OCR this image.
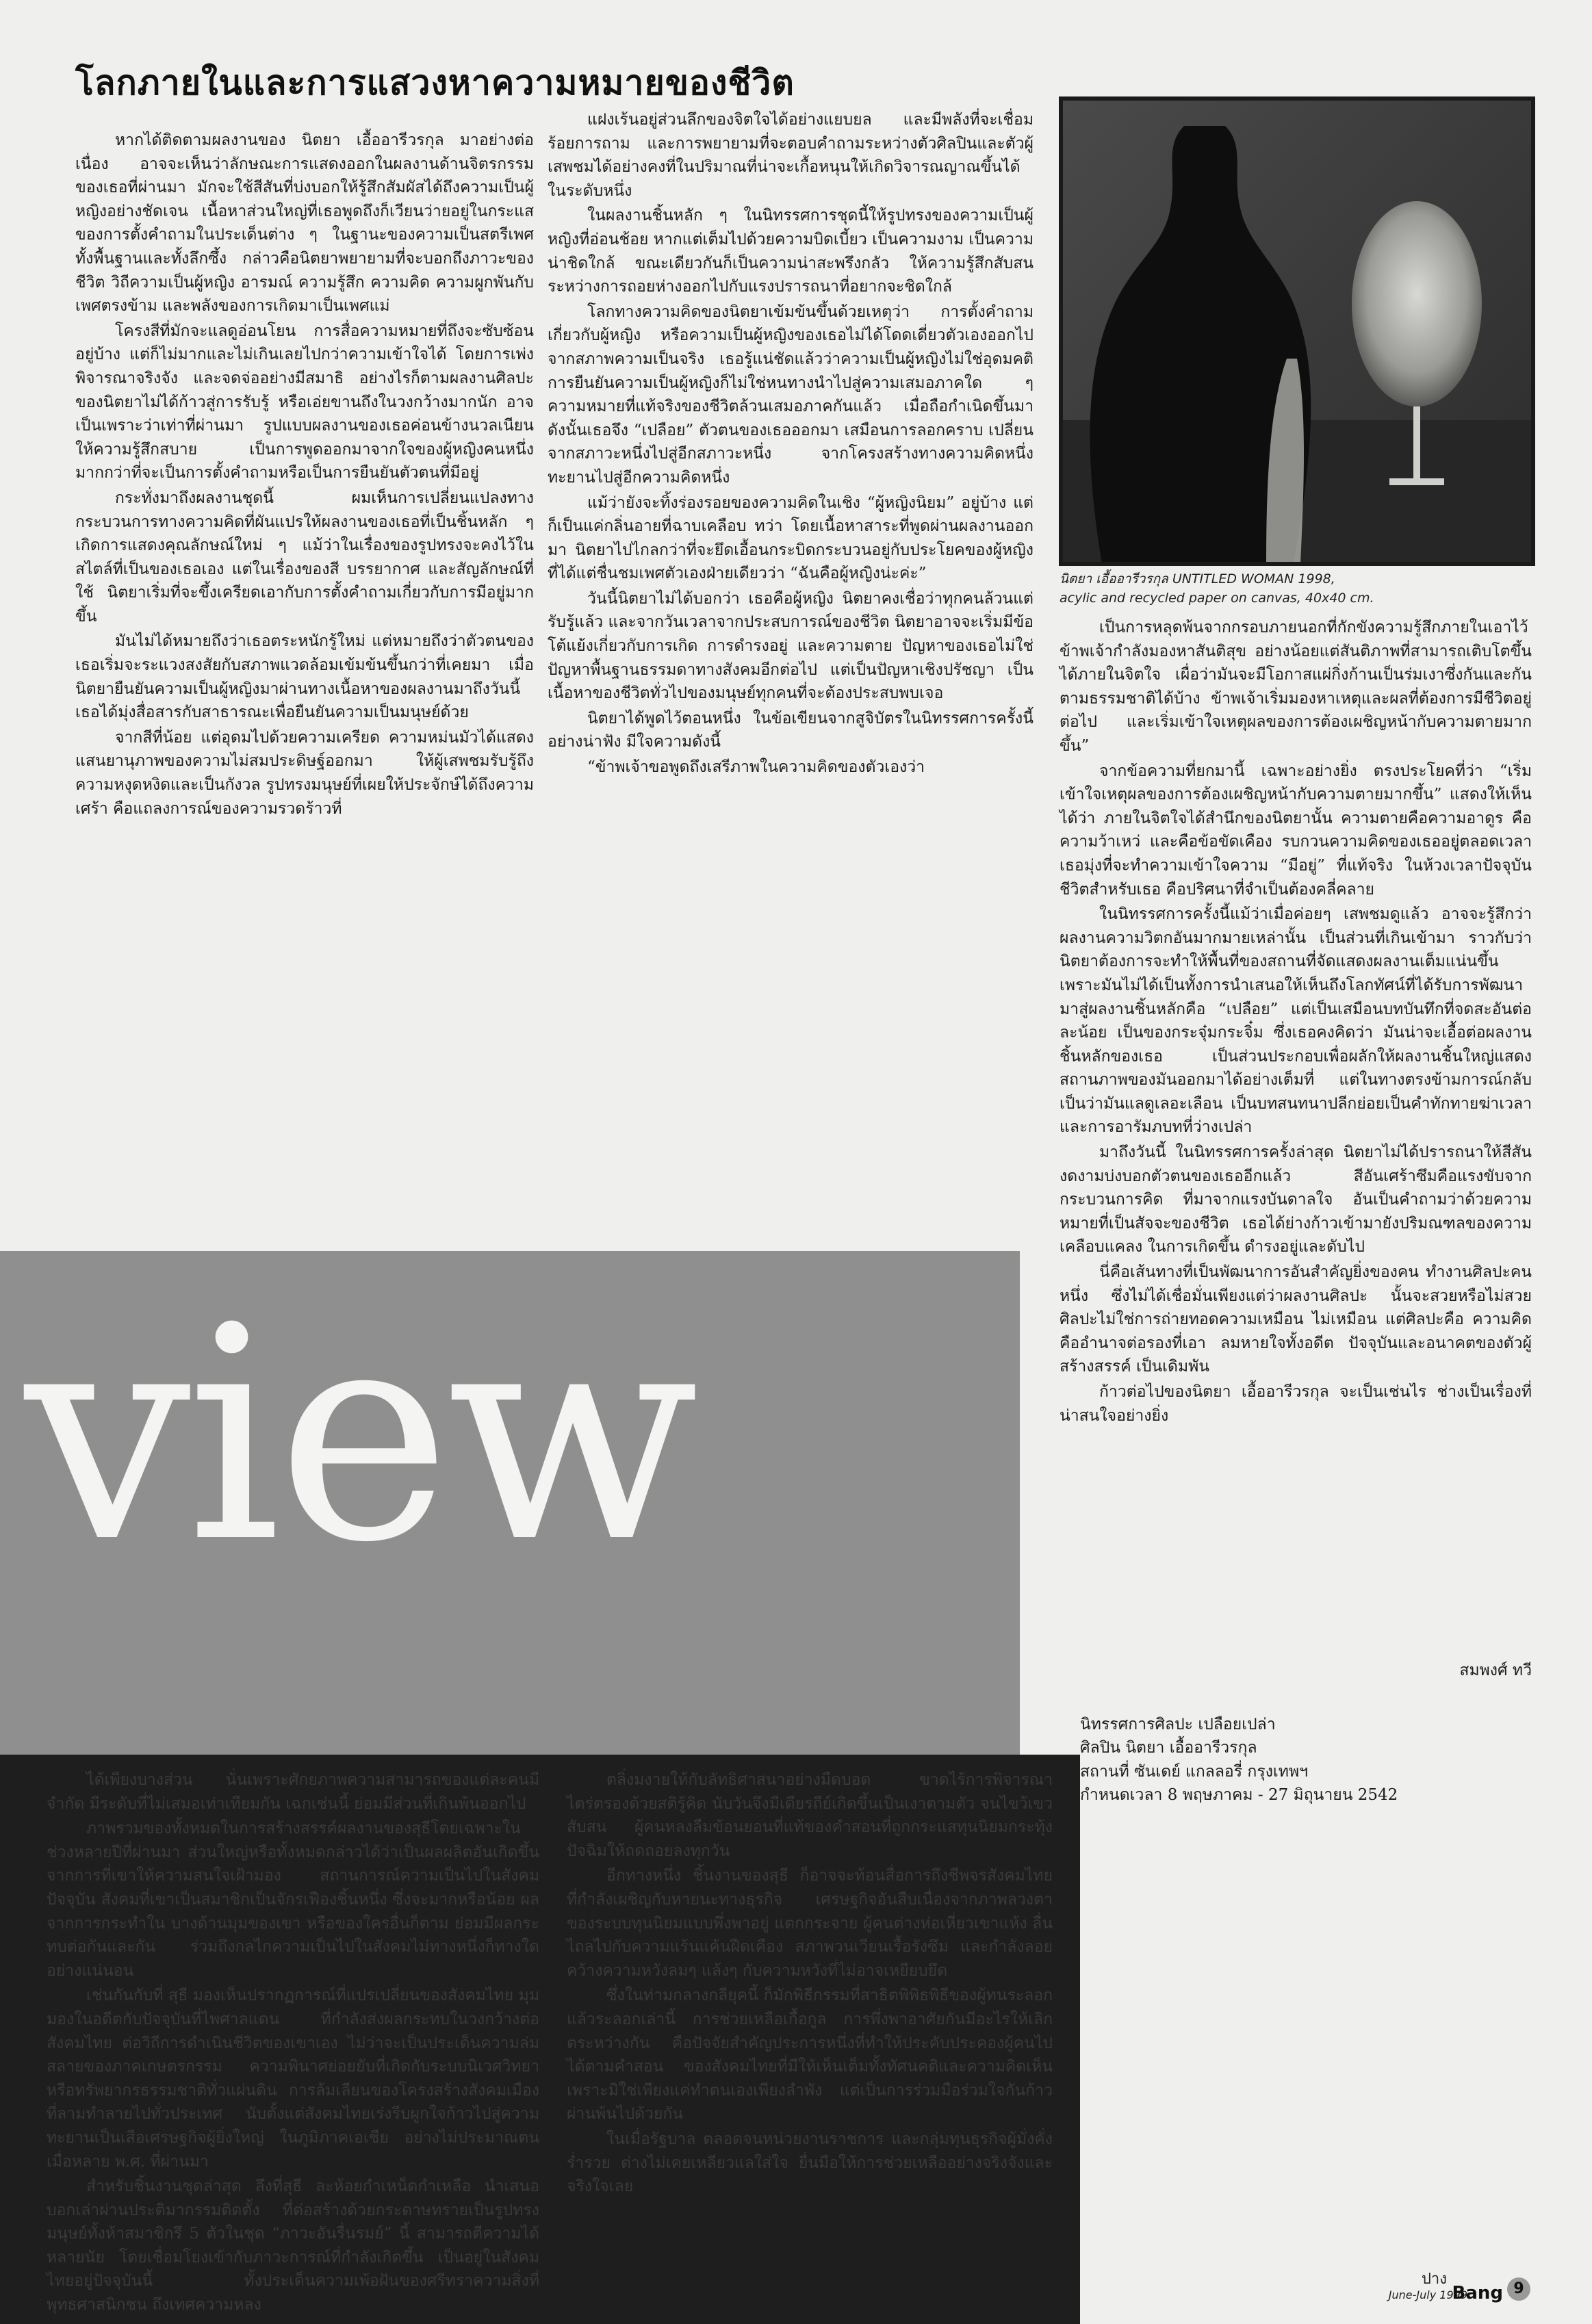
โลกภายในและการแสวงหาความหมายของชีวิต

หากได้ติดตามผลงานของ นิตยา เอื้ออารีวรกุล มาอย่างต่อเนื่อง อาจจะเห็นว่าลักษณะการแสดงออกในผลงานด้านจิตรกรรมของเธอที่ผ่านมา มักจะใช้สีสันที่บ่งบอกให้รู้สึกสัมผัสได้ถึงความเป็นผู้หญิงอย่างชัดเจน เนื้อหาส่วนใหญ่ที่เธอพูดถึงก็เวียนว่ายอยู่ในกระแสของการตั้งคำถามในประเด็นต่าง ๆ ในฐานะของความเป็นสตรีเพศ ทั้งพื้นฐานและทั้งลึกซึ้ง กล่าวคือนิตยาพยายามที่จะบอกถึงภาวะของชีวิต วิถีความเป็นผู้หญิง อารมณ์ ความรู้สึก ความคิด ความผูกพันกับเพศตรงข้าม และพลังของการเกิดมาเป็นเพศแม่

โครงสีที่มักจะแลดูอ่อนโยน การสื่อความหมายที่ถึงจะซับซ้อนอยู่บ้าง แต่ก็ไม่มากและไม่เกินเลยไปกว่าความเข้าใจได้ โดยการเพ่งพิจารณาจริงจัง และจดจ่ออย่างมีสมาธิ อย่างไรก็ตามผลงานศิลปะของนิตยาไม่ได้ก้าวสู่การรับรู้ หรือเอ่ยขานถึงในวงกว้างมากนัก อาจเป็นเพราะว่าเท่าที่ผ่านมา รูปแบบผลงานของเธอค่อนข้างนวลเนียน ให้ความรู้สึกสบาย เป็นการพูดออกมาจากใจของผู้หญิงคนหนึ่ง มากกว่าที่จะเป็นการตั้งคำถามหรือเป็นการยืนยันตัวตนที่มีอยู่

กระทั่งมาถึงผลงานชุดนี้ ผมเห็นการเปลี่ยนแปลงทางกระบวนการทางความคิดที่ผันแปรให้ผลงานของเธอที่เป็นชิ้นหลัก ๆ เกิดการแสดงคุณลักษณ์ใหม่ ๆ แม้ว่าในเรื่องของรูปทรงจะคงไว้ในสไตล์ที่เป็นของเธอเอง แต่ในเรื่องของสี บรรยากาศ และสัญลักษณ์ที่ใช้ นิตยาเริ่มที่จะขึ้งเครียดเอากับการตั้งคำถามเกี่ยวกับการมีอยู่มากขึ้น

มันไม่ได้หมายถึงว่าเธอตระหนักรู้ใหม่ แต่หมายถึงว่าตัวตนของเธอเริ่มจะระแวงสงสัยกับสภาพแวดล้อมเข้มข้นขึ้นกว่าที่เคยมา เมื่อนิตยายืนยันความเป็นผู้หญิงมาผ่านทางเนื้อหาของผลงานมาถึงวันนี้ เธอได้มุ่งสื่อสารกับสาธารณะเพื่อยืนยันความเป็นมนุษย์ด้วย

จากสีที่น้อย แต่อุดมไปด้วยความเครียด ความหม่นมัวได้แสดงแสนยานุภาพของความไม่สมประดิษฐ์ออกมา ให้ผู้เสพชมรับรู้ถึงความหงุดหงิดและเป็นกังวล รูปทรงมนุษย์ที่เผยให้ประจักษ์ได้ถึงความเศร้า คือแถลงการณ์ของความรวดร้าวที่

แฝงเร้นอยู่ส่วนลึกของจิตใจได้อย่างแยบยล และมีพลังที่จะเชื่อมร้อยการถาม และการพยายามที่จะตอบคำถามระหว่างตัวศิลปินและตัวผู้เสพชมได้อย่างคงที่ในปริมาณที่น่าจะเกื้อหนุนให้เกิดวิจารณญาณขึ้นได้ในระดับหนึ่ง

ในผลงานชิ้นหลัก ๆ ในนิทรรศการชุดนี้ให้รูปทรงของความเป็นผู้หญิงที่อ่อนช้อย หากแต่เต็มไปด้วยความบิดเบี้ยว เป็นความงาม เป็นความน่าชิดใกล้ ขณะเดียวกันก็เป็นความน่าสะพรึงกลัว ให้ความรู้สึกสับสนระหว่างการถอยห่างออกไปกับแรงปรารถนาที่อยากจะชิดใกล้

โลกทางความคิดของนิตยาเข้มข้นขึ้นด้วยเหตุว่า การตั้งคำถามเกี่ยวกับผู้หญิง หรือความเป็นผู้หญิงของเธอไม่ได้โดดเดี่ยวตัวเองออกไปจากสภาพความเป็นจริง เธอรู้แน่ชัดแล้วว่าความเป็นผู้หญิงไม่ใช่อุดมคติ การยืนยันความเป็นผู้หญิงก็ไม่ใช่หนทางนำไปสู่ความเสมอภาคใด ๆ ความหมายที่แท้จริงของชีวิตล้วนเสมอภาคกันแล้ว เมื่อถือกำเนิดขึ้นมา ดังนั้นเธอจึง “เปลือย” ตัวตนของเธอออกมา เสมือนการลอกคราบ เปลี่ยนจากสภาวะหนึ่งไปสู่อีกสภาวะหนึ่ง จากโครงสร้างทางความคิดหนึ่ง ทะยานไปสู่อีกความคิดหนึ่ง

แม้ว่ายังจะทิ้งร่องรอยของความคิดในเชิง “ผู้หญิงนิยม” อยู่บ้าง แต่ก็เป็นแค่กลิ่นอายที่ฉาบเคลือบ ทว่า โดยเนื้อหาสาระที่พูดผ่านผลงานออกมา นิตยาไปไกลกว่าที่จะยึดเอื้อนกระบิดกระบวนอยู่กับประโยคของผู้หญิงที่ได้แต่ชื่นชมเพศตัวเองฝ่ายเดียวว่า “ฉันคือผู้หญิงน่ะค่ะ”

วันนี้นิตยาไม่ได้บอกว่า เธอคือผู้หญิง นิตยาคงเชื่อว่าทุกคนล้วนแต่รับรู้แล้ว และจากวันเวลาจากประสบการณ์ของชีวิต นิตยาอาจจะเริ่มมีข้อโต้แย้งเกี่ยวกับการเกิด การดำรงอยู่ และความตาย ปัญหาของเธอไม่ใช่ปัญหาพื้นฐานธรรมดาทางสังคมอีกต่อไป แต่เป็นปัญหาเชิงปรัชญา เป็นเนื้อหาของชีวิตทั่วไปของมนุษย์ทุกคนที่จะต้องประสบพบเจอ

นิตยาได้พูดไว้ตอนหนึ่ง ในข้อเขียนจากสูจิบัตรในนิทรรศการครั้งนี้อย่างน่าฟัง มีใจความดังนี้

“ข้าพเจ้าขอพูดถึงเสรีภาพในความคิดของตัวเองว่า

นิตยา เอื้ออารีวรกุล UNTITLED WOMAN 1998,
acylic and recycled paper on canvas, 40x40 cm.

เป็นการหลุดพ้นจากกรอบภายนอกที่กักขังความรู้สึกภายในเอาไว้ ข้าพเจ้ากำลังมองหาสันติสุข อย่างน้อยแต่สันติภาพที่สามารถเติบโตขึ้นได้ภายในจิตใจ เผื่อว่ามันจะมีโอกาสแผ่กิ่งก้านเป็นร่มเงาซึ่งกันและกันตามธรรมชาติได้บ้าง ข้าพเจ้าเริ่มมองหาเหตุและผลที่ต้องการมีชีวิตอยู่ต่อไป และเริ่มเข้าใจเหตุผลของการต้องเผชิญหน้ากับความตายมากขึ้น”

จากข้อความที่ยกมานี้ เฉพาะอย่างยิ่ง ตรงประโยคที่ว่า “เริ่มเข้าใจเหตุผลของการต้องเผชิญหน้ากับความตายมากขึ้น” แสดงให้เห็นได้ว่า ภายในจิตใจได้สำนึกของนิตยานั้น ความตายคือความอาดูร คือความว้าเหว่ และคือข้อขัดเคือง รบกวนความคิดของเธออยู่ตลอดเวลา เธอมุ่งที่จะทำความเข้าใจความ “มีอยู่” ที่แท้จริง ในห้วงเวลาปัจจุบันชีวิตสำหรับเธอ คือปริศนาที่จำเป็นต้องคลี่คลาย

ในนิทรรศการครั้งนี้แม้ว่าเมื่อค่อยๆ เสพชมดูแล้ว อาจจะรู้สึกว่า ผลงานความวิตกอันมากมายเหล่านั้น เป็นส่วนที่เกินเข้ามา ราวกับว่านิตยาต้องการจะทำให้พื้นที่ของสถานที่จัดแสดงผลงานเต็มแน่นขึ้น เพราะมันไม่ได้เป็นทั้งการนำเสนอให้เห็นถึงโลกทัศน์ที่ได้รับการพัฒนามาสู่ผลงานชิ้นหลักคือ “เปลือย” แต่เป็นเสมือนบทบันทึกที่จดสะอันต่อละน้อย เป็นของกระจุ๋มกระจิ๋ม ซึ่งเธอคงคิดว่า มันน่าจะเอื้อต่อผลงานชิ้นหลักของเธอ เป็นส่วนประกอบเพื่อผลักให้ผลงานชิ้นใหญ่แสดงสถานภาพของมันออกมาได้อย่างเต็มที่ แต่ในทางตรงข้ามการณ์กลับเป็นว่ามันแลดูเลอะเลือน เป็นบทสนทนาปลีกย่อยเป็นคำทักทายฆ่าเวลา และการอารัมภบทที่ว่างเปล่า

มาถึงวันนี้ ในนิทรรศการครั้งล่าสุด นิตยาไม่ได้ปรารถนาให้สีสันงดงามบ่งบอกตัวตนของเธออีกแล้ว สีอันเศร้าซึมคือแรงขับจากกระบวนการคิด ที่มาจากแรงบันดาลใจ อันเป็นคำถามว่าด้วยความหมายที่เป็นสัจจะของชีวิต เธอได้ย่างก้าวเข้ามายังปริมณฑลของความเคลือบแคลง ในการเกิดขึ้น ดำรงอยู่และดับไป

นี่คือเส้นทางที่เป็นพัฒนาการอันสำคัญยิ่งของคน ทำงานศิลปะคนหนึ่ง ซึ่งไม่ได้เชื่อมั่นเพียงแต่ว่าผลงานศิลปะ นั้นจะสวยหรือไม่สวย ศิลปะไม่ใช่การถ่ายทอดความเหมือน ไม่เหมือน แต่ศิลปะคือ ความคิด คืออำนาจต่อรองที่เอา ลมหายใจทั้งอดีต ปัจจุบันและอนาคตของตัวผู้สร้างสรรค์ เป็นเดิมพัน

ก้าวต่อไปของนิตยา เอื้ออารีวรกุล จะเป็นเช่นไร ช่างเป็นเรื่องที่น่าสนใจอย่างยิ่ง

สมพงศ์ ทวี
นิทรรศการศิลปะ เปลือยเปล่า
ศิลปิน นิตยา เอื้ออารีวรกุล
สถานที่ ซันเดย์ แกลลอรี่ กรุงเทพฯ
กำหนดเวลา 8 พฤษภาคม - 27 มิถุนายน 2542
view

ได้เพียงบางส่วน นั่นเพราะศักยภาพความสามารถของแต่ละคนมีจำกัด มีระดับที่ไม่เสมอเท่าเทียมกัน เฉกเช่นนี้ ย่อมมีส่วนที่เกินพ้นออกไป

ภาพรวมของทั้งหมดในการสร้างสรรค์ผลงานของสุธีโดยเฉพาะในช่วงหลายปีที่ผ่านมา ส่วนใหญ่หรือทั้งหมดกล่าวได้ว่าเป็นผลผลิตอันเกิดขึ้นจากการที่เขาให้ความสนใจเฝ้ามอง สถานการณ์ความเป็นไปในสังคมปัจจุบัน สังคมที่เขาเป็นสมาชิกเป็นจักรเฟืองชิ้นหนึ่ง ซึ่งจะมากหรือน้อย ผลจากการกระทำใน บางด้านมุมของเขา หรือของใครอื่นก็ตาม ย่อมมีผลกระทบต่อกันและกัน ร่วมถึงกลไกความเป็นไปในสังคมไม่ทางหนึ่งก็ทางใด อย่างแน่นอน

เช่นกันกับที่ สุธี มองเห็นปรากฏการณ์ที่แปรเปลี่ยนของสังคมไทย มุมมองในอดีตกับปัจจุบันที่ไพศาลแดน ที่กำลังส่งผลกระทบในวงกว้างต่อสังคมไทย ต่อวิถีการดำเนินชีวิตของเขาเอง ไม่ว่าจะเป็นประเด็นความล่มสลายของภาคเกษตรกรรม ความพินาศย่อยยับที่เกิดกับระบบนิเวศวิทยา หรือทรัพยากรธรรมชาติทั่วแผ่นดิน การล้มเลียนของโครงสร้างสังคมเมือง ที่ลามทำลายไปทั่วประเทศ นับตั้งแต่สังคมไทยเร่งรีบผูกใจก้าวไปสู่ความทะยานเป็นเสือเศรษฐกิจผู้ยิ่งใหญ่ ในภูมิภาคเอเชีย อย่างไม่ประมาณตนเมื่อหลาย พ.ศ. ที่ผ่านมา

สำหรับชิ้นงานชุดล่าสุด ลึงที่สุธี ละห้อยกำเหน็ดกำเหลือ นำเสนอบอกเล่าผ่านประติมากรรมติดตั้ง ที่ต่อสร้างด้วยกระดาษทรายเป็นรูปทรงมนุษย์ทั้งห้าสมาชิกรึ 5 ตัวในชุด “ภาวะอันรื่นรมย์” นี้ สามารถตีความได้หลายนัย โดยเชื่อมโยงเข้ากับภาวะการณ์ที่กำลังเกิดขึ้น เป็นอยู่ในสังคมไทยอยู่ปัจจุบันนี้ ทั้งประเด็นความเพ้อฝันของศรีทราความสิ่งที่พุทธศาสนิกชน ถึงเทศความหลง

ตลิ่งมงายให้กับลัทธิศาสนาอย่างมืดบอด ขาดไร้การพิจารณาไตร่ตรองด้วยสติรู้คิด นับวันจึงมีเดียรถีย์เกิดขึ้นเป็นเงาตามตัว จนไขว้เขวสับสน ผู้คนหลงลืมข้อนยอนที่แท้ของคำสอนที่ถูกกระแสทุนนิยมกระทุ้งปัจฉิมให้ถดถอยลงทุกวัน

อีกทางหนึ่ง ชิ้นงานของสุธี ก็อาจจะท้อนสื่อการถึงชีพจรสังคมไทย ที่กำลังเผชิญกับหายนะทางธุรกิจ เศรษฐกิจอันสืบเนื่องจากภาพลวงตา ของระบบทุนนิยมแบบพึ่งพาอยู่ แตกกระจาย ผู้คนต่างห่อเหี่ยวเขาแห้ง ลื่นไถลไปกับความแร้นแค้นฝืดเคือง สภาพวนเวียนเรื้อรังซึม และกำลังลอยคว้างความหวังลมๆ แล้งๆ กับความหวังที่ไม่อาจเหยียบยึด

ซึ่งในท่ามกลางกลียุคนี้ ก็มักพิธีกรรมที่สาธิตพิพิธพิธีของผู้ทนระลอกแล้วระลอกเล่านี้ การช่วยเหลือเกื้อกูล การพึ่งพาอาศัยกันมีอะไรให้เลิกตระหว่างกัน คือปัจจัยสำคัญประการหนึ่งที่ทำให้ประคับประคองผู้คนไปได้ตามคำสอน ของสังคมไทยที่มีให้เห็นเต็มทั้งทัศนคติและความคิดเห็น เพราะมิใช่เพียงแค่ทำตนเองเพียงลำพัง แต่เป็นการร่วมมือร่วมใจกันก้าวผ่านพ้นไปด้วยกัน

ในเมื่อรัฐบาล ตลอดจนหน่วยงานราชการ และกลุ่มทุนธุรกิจผู้มั่งคั่งร่ำรวย ต่างไม่เคยเหลียวแลใส่ใจ ยื่นมือให้การช่วยเหลืออย่างจริงจังและจริงใจเลย

ปาง
June-July 1999
Bang 9
